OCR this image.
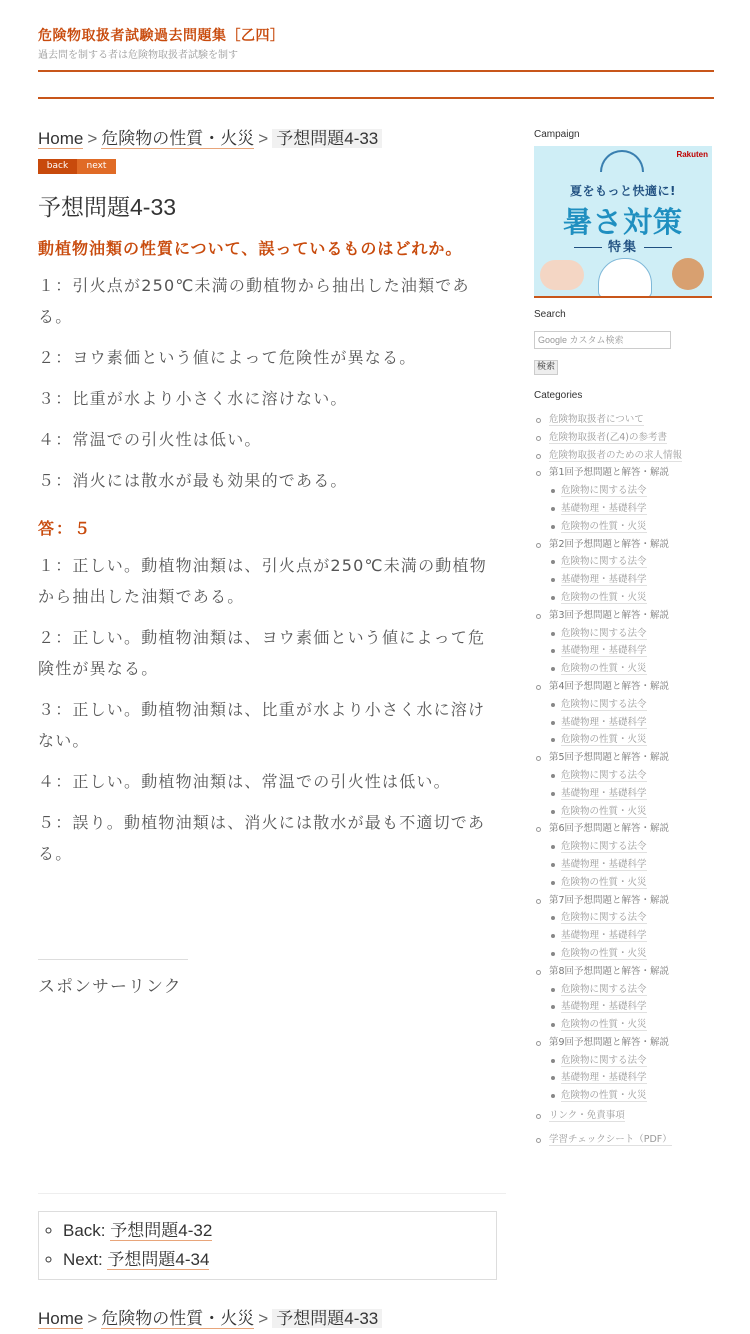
危険物取扱者試験過去問題集［乙四］
過去問を制する者は危険物取扱者試験を制す
Home > 危険物の性質・火災 > 予想問題4-33
back	next
予想問題4-33
動植物油類の性質について、誤っているものはどれか。
１：引火点が250℃未満の動植物から抽出した油類である。
２：ヨウ素価という値によって危険性が異なる。
３：比重が水より小さく水に溶けない。
４：常温での引火性は低い。
５：消火には散水が最も効果的である。
答：５
１：正しい。動植物油類は、引火点が250℃未満の動植物から抽出した油類である。
２：正しい。動植物油類は、ヨウ素価という値によって危険性が異なる。
３：正しい。動植物油類は、比重が水より小さく水に溶けない。
４：正しい。動植物油類は、常温での引火性は低い。
５：誤り。動植物油類は、消火には散水が最も不適切である。
スポンサーリンク
◦ Back: 予想問題4-32
◦ Next: 予想問題4-34
Home > 危険物の性質・火災 > 予想問題4-33
Campaign
Rakuten
夏をもっと快適に!
暑さ対策
特集
Search
Google カスタム検索
検索
Categories
危険物取扱者について
危険物取扱者(乙4)の参考書
危険物取扱者のための求人情報
第1回予想問題と解答・解説
危険物に関する法令
基礎物理・基礎科学
危険物の性質・火災
第2回予想問題と解答・解説
危険物に関する法令
基礎物理・基礎科学
危険物の性質・火災
第3回予想問題と解答・解説
危険物に関する法令
基礎物理・基礎科学
危険物の性質・火災
第4回予想問題と解答・解説
危険物に関する法令
基礎物理・基礎科学
危険物の性質・火災
第5回予想問題と解答・解説
危険物に関する法令
基礎物理・基礎科学
危険物の性質・火災
第6回予想問題と解答・解説
危険物に関する法令
基礎物理・基礎科学
危険物の性質・火災
第7回予想問題と解答・解説
危険物に関する法令
基礎物理・基礎科学
危険物の性質・火災
第8回予想問題と解答・解説
危険物に関する法令
基礎物理・基礎科学
危険物の性質・火災
第9回予想問題と解答・解説
危険物に関する法令
基礎物理・基礎科学
危険物の性質・火災
リンク・免責事項
学習チェックシート（PDF）
